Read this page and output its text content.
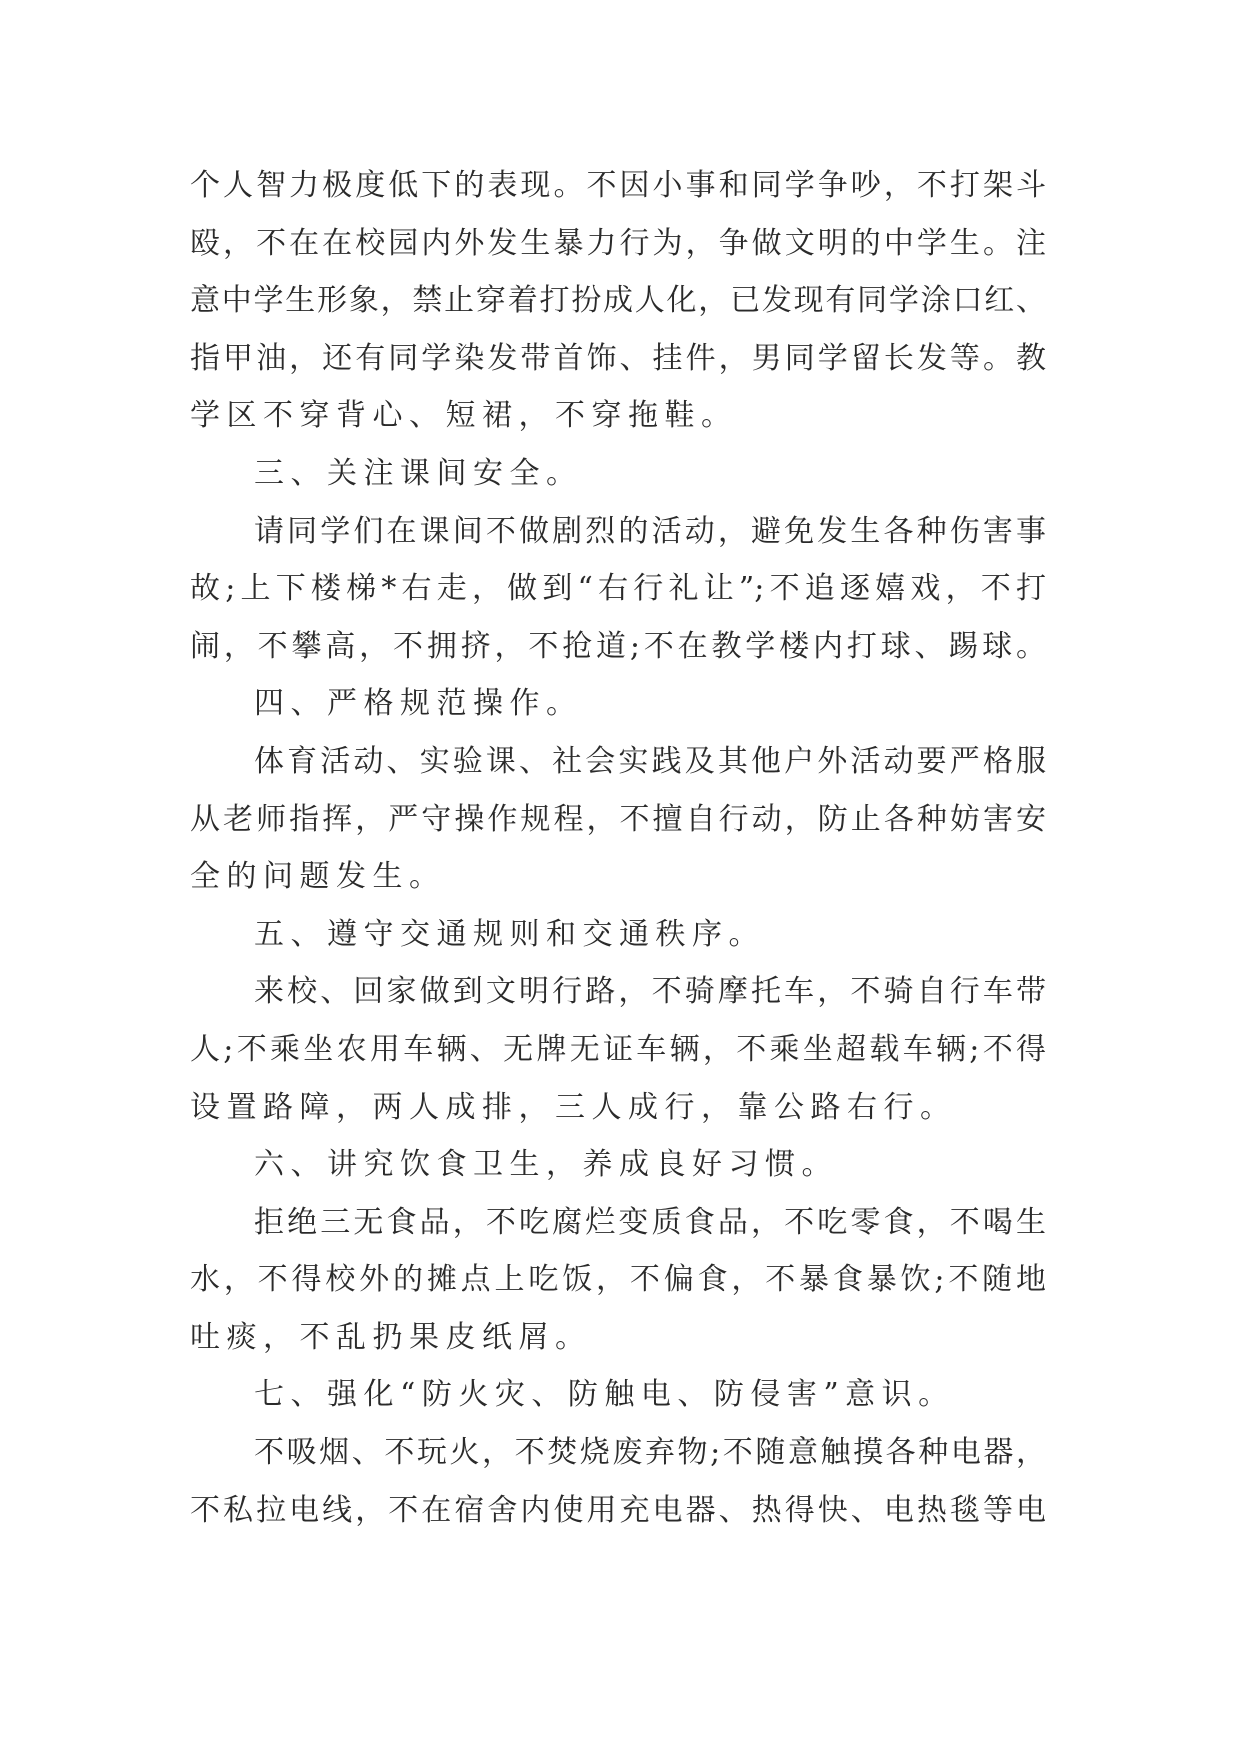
个人智力极度低下的表现。不因小事和同学争吵，不打架斗
殴，不在在校园内外发生暴力行为，争做文明的中学生。注
意中学生形象，禁止穿着打扮成人化，已发现有同学涂口红、
指甲油，还有同学染发带首饰、挂件，男同学留长发等。教
学区不穿背心、短裙，不穿拖鞋。
三、关注课间安全。
请同学们在课间不做剧烈的活动，避免发生各种伤害事
故;上下楼梯*右走，做到“右行礼让”;不追逐嬉戏，不打
闹，不攀高，不拥挤，不抢道;不在教学楼内打球、踢球。
四、严格规范操作。
体育活动、实验课、社会实践及其他户外活动要严格服
从老师指挥，严守操作规程，不擅自行动，防止各种妨害安
全的问题发生。
五、遵守交通规则和交通秩序。
来校、回家做到文明行路，不骑摩托车，不骑自行车带
人;不乘坐农用车辆、无牌无证车辆，不乘坐超载车辆;不得
设置路障，两人成排，三人成行，靠公路右行。
六、讲究饮食卫生，养成良好习惯。
拒绝三无食品，不吃腐烂变质食品，不吃零食，不喝生
水，不得校外的摊点上吃饭，不偏食，不暴食暴饮;不随地
吐痰，不乱扔果皮纸屑。
七、强化“防火灾、防触电、防侵害”意识。
不吸烟、不玩火，不焚烧废弃物;不随意触摸各种电器，
不私拉电线，不在宿舍内使用充电器、热得快、电热毯等电
